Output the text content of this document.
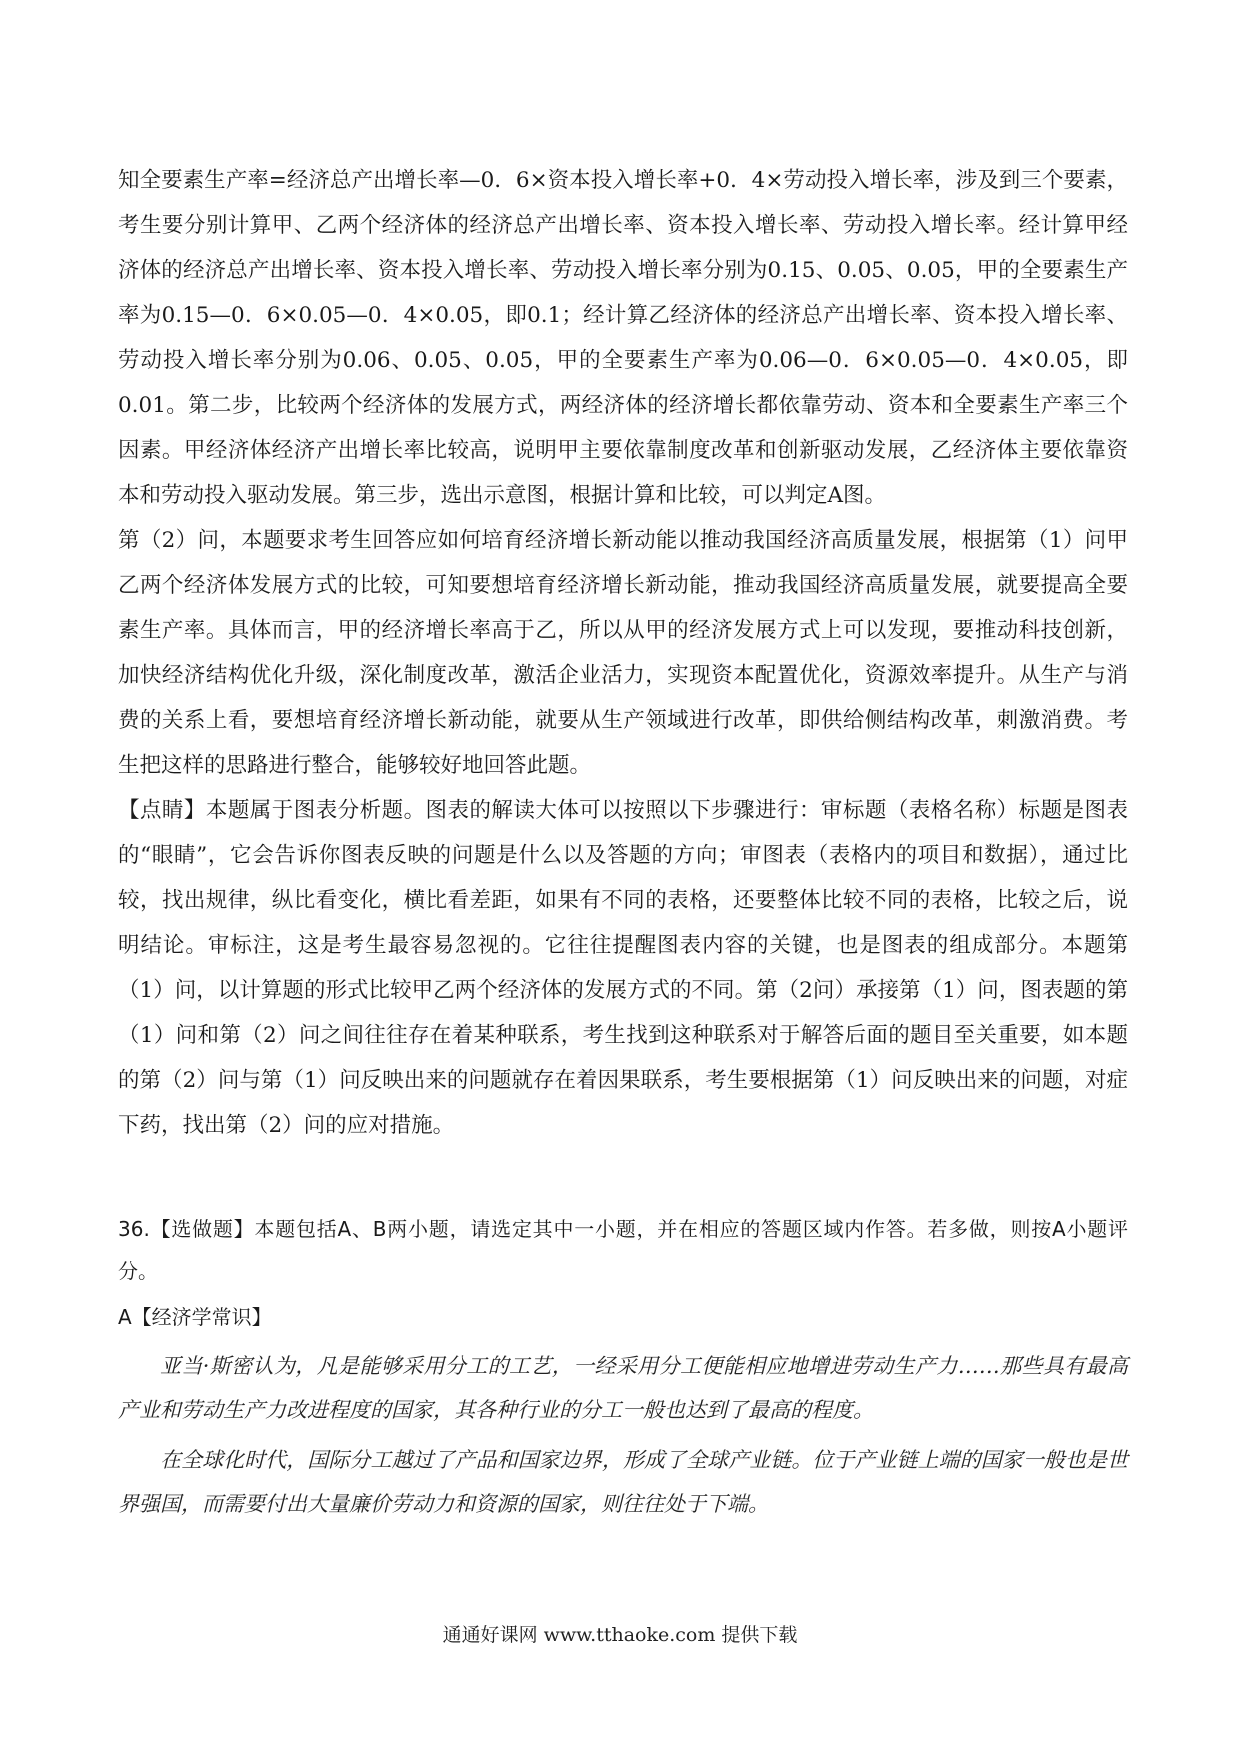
知全要素生产率=经济总产出增长率—0．6×资本投入增长率+0．4×劳动投入增长率，涉及到三个要素，考生要分别计算甲、乙两个经济体的经济总产出增长率、资本投入增长率、劳动投入增长率。经计算甲经济体的经济总产出增长率、资本投入增长率、劳动投入增长率分别为0.15、0.05、0.05，甲的全要素生产率为0.15—0．6×0.05—0．4×0.05，即0.1；经计算乙经济体的经济总产出增长率、资本投入增长率、劳动投入增长率分别为0.06、0.05、0.05，甲的全要素生产率为0.06—0．6×0.05—0．4×0.05，即0.01。第二步，比较两个经济体的发展方式，两经济体的经济增长都依靠劳动、资本和全要素生产率三个因素。甲经济体经济产出增长率比较高，说明甲主要依靠制度改革和创新驱动发展，乙经济体主要依靠资本和劳动投入驱动发展。第三步，选出示意图，根据计算和比较，可以判定A图。

第（2）问，本题要求考生回答应如何培育经济增长新动能以推动我国经济高质量发展，根据第（1）问甲乙两个经济体发展方式的比较，可知要想培育经济增长新动能，推动我国经济高质量发展，就要提高全要素生产率。具体而言，甲的经济增长率高于乙，所以从甲的经济发展方式上可以发现，要推动科技创新，加快经济结构优化升级，深化制度改革，激活企业活力，实现资本配置优化，资源效率提升。从生产与消费的关系上看，要想培育经济增长新动能，就要从生产领域进行改革，即供给侧结构改革，刺激消费。考生把这样的思路进行整合，能够较好地回答此题。

【点睛】本题属于图表分析题。图表的解读大体可以按照以下步骤进行：审标题（表格名称）标题是图表的“眼睛”，它会告诉你图表反映的问题是什么以及答题的方向；审图表（表格内的项目和数据），通过比较，找出规律，纵比看变化，横比看差距，如果有不同的表格，还要整体比较不同的表格，比较之后，说明结论。审标注，这是考生最容易忽视的。它往往提醒图表内容的关键，也是图表的组成部分。本题第（1）问，以计算题的形式比较甲乙两个经济体的发展方式的不同。第（2问）承接第（1）问，图表题的第（1）问和第（2）问之间往往存在着某种联系，考生找到这种联系对于解答后面的题目至关重要，如本题的第（2）问与第（1）问反映出来的问题就存在着因果联系，考生要根据第（1）问反映出来的问题，对症下药，找出第（2）问的应对措施。

36.【选做题】本题包括A、B两小题，请选定其中一小题，并在相应的答题区域内作答。若多做，则按A小题评分。

A【经济学常识】

亚当·斯密认为，凡是能够采用分工的工艺，一经采用分工便能相应地增进劳动生产力……那些具有最高产业和劳动生产力改进程度的国家，其各种行业的分工一般也达到了最高的程度。

在全球化时代，国际分工越过了产品和国家边界，形成了全球产业链。位于产业链上端的国家一般也是世界强国，而需要付出大量廉价劳动力和资源的国家，则往往处于下端。

通通好课网 www.tthaoke.com 提供下载
